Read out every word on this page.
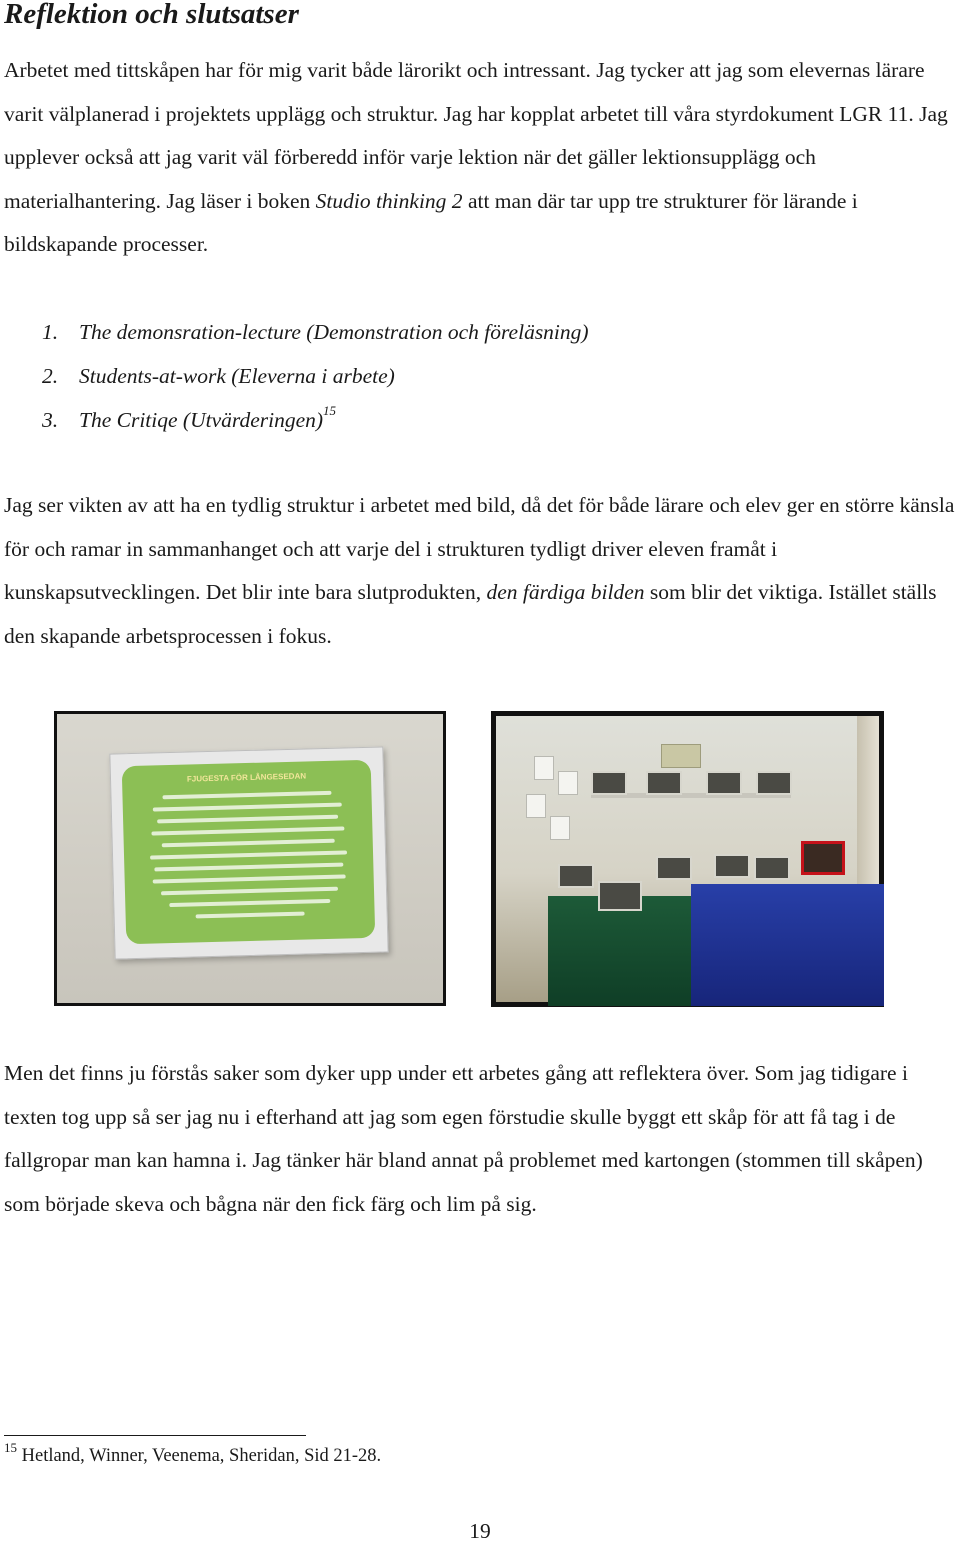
Reflektion och slutsatser

Arbetet med tittskåpen har för mig varit både lärorikt och intressant. Jag tycker att jag som elevernas lärare varit välplanerad i projektets upplägg och struktur. Jag har kopplat arbetet till våra styrdokument LGR 11. Jag upplever också att jag varit väl förberedd inför varje lektion när det gäller lektionsupplägg och materialhantering. Jag läser i boken Studio thinking 2 att man där tar upp tre strukturer för lärande i bildskapande processer.

1. The demonsration-lecture (Demonstration och föreläsning)
2. Students-at-work (Eleverna i arbete)
3. The Critiqe (Utvärderingen)$^{15}$

Jag ser vikten av att ha en tydlig struktur i arbetet med bild, då det för både lärare och elev ger en större känsla för och ramar in sammanhanget och att varje del i strukturen tydligt driver eleven framåt i kunskapsutvecklingen. Det blir inte bara slutprodukten, den färdiga bilden som blir det viktiga. Istället ställs den skapande arbetsprocessen i fokus.

FJUGESTA FÖR LÅNGESEDAN

Men det finns ju förstås saker som dyker upp under ett arbetes gång att reflektera över. Som jag tidigare i texten tog upp så ser jag nu i efterhand att jag som egen förstudie skulle byggt ett skåp för att få tag i de fallgropar man kan hamna i. Jag tänker här bland annat på problemet med kartongen (stommen till skåpen) som började skeva och bågna när den fick färg och lim på sig.

$^{15}$ Hetland, Winner, Veenema, Sheridan, Sid 21-28.
19
